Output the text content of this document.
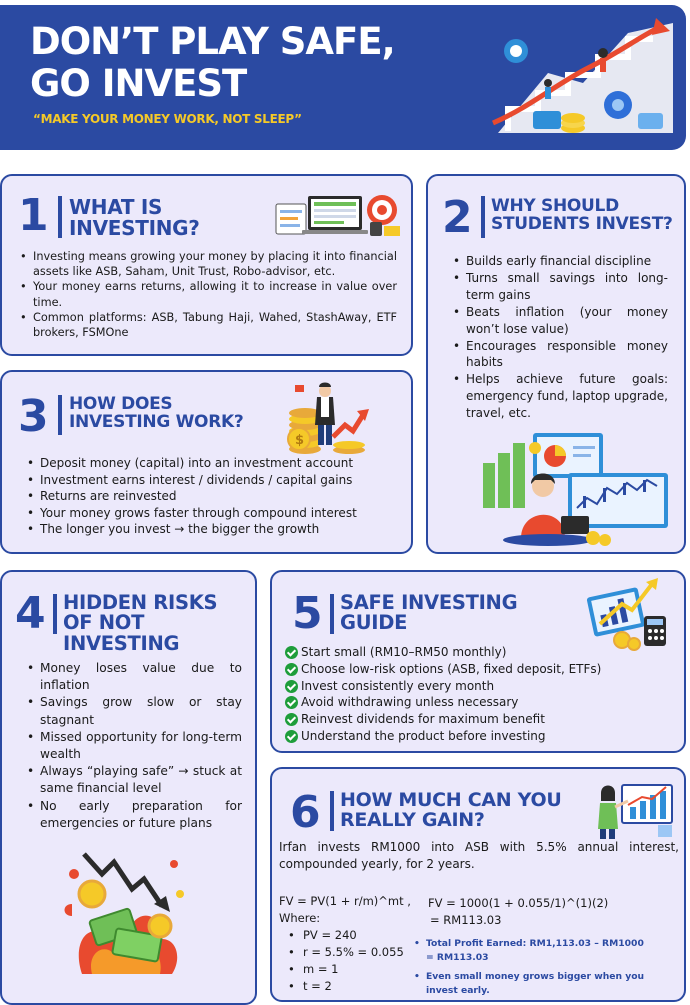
DON’T PLAY SAFE,
GO INVEST
“MAKE YOUR MONEY WORK, NOT SLEEP”
1 WHAT IS
INVESTING?
• Investing means growing your money by placing it into financial assets like ASB, Saham, Unit Trust, Robo-advisor, etc.
• Your money earns returns, allowing it to increase in value over time.
• Common platforms: ASB, Tabung Haji, Wahed, StashAway, ETF brokers, FSMOne
2 WHY SHOULD
STUDENTS INVEST?
• Builds early financial discipline
• Turns small savings into long-term gains
• Beats inflation (your money won’t lose value)
• Encourages responsible money habits
• Helps achieve future goals: emergency fund, laptop upgrade, travel, etc.
3 HOW DOES
INVESTING WORK?
$
• Deposit money (capital) into an investment account
• Investment earns interest / dividends / capital gains
• Returns are reinvested
• Your money grows faster through compound interest
• The longer you invest → the bigger the growth
4 HIDDEN RISKS
OF NOT
INVESTING
• Money loses value due to inflation
• Savings grow slow or stay stagnant
• Missed opportunity for long-term wealth
• Always “playing safe” → stuck at same financial level
• No early preparation for emergencies or future plans
5 SAFE INVESTING
GUIDE
Start small (RM10–RM50 monthly)
Choose low-risk options (ASB, fixed deposit, ETFs)
Invest consistently every month
Avoid withdrawing unless necessary
Reinvest dividends for maximum benefit
Understand the product before investing
6 HOW MUCH CAN YOU
REALLY GAIN?
Irfan invests RM1000 into ASB with 5.5% annual interest, compounded yearly, for 2 years.
FV = PV(1 + r/m)^mt ,
Where:
• PV = 240
• r = 5.5% = 0.055
• m = 1
• t = 2
FV = 1000(1 + 0.055/1)^(1)(2)
= RM113.03
• Total Profit Earned: RM1,113.03 – RM1000
= RM113.03
• Even small money grows bigger when you
invest early.
